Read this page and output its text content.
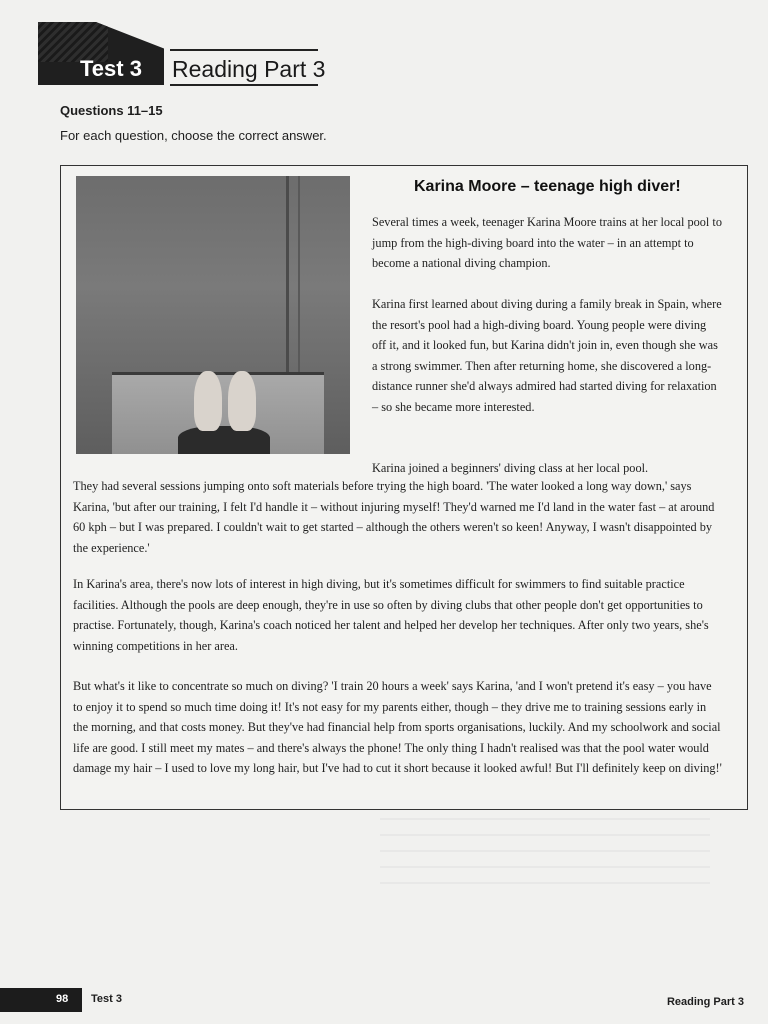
Test 3 Reading Part 3
Questions 11–15
For each question, choose the correct answer.
Karina Moore – teenage high diver!

Several times a week, teenager Karina Moore trains at her local pool to jump from the high-diving board into the water – in an attempt to become a national diving champion.

Karina first learned about diving during a family break in Spain, where the resort's pool had a high-diving board. Young people were diving off it, and it looked fun, but Karina didn't join in, even though she was a strong swimmer. Then after returning home, she discovered a long-distance runner she'd always admired had started diving for relaxation – so she became more interested.

Karina joined a beginners' diving class at her local pool.

They had several sessions jumping onto soft materials before trying the high board. 'The water looked a long way down,' says Karina, 'but after our training, I felt I'd handle it – without injuring myself! They'd warned me I'd land in the water fast – at around 60 kph – but I was prepared. I couldn't wait to get started – although the others weren't so keen! Anyway, I wasn't disappointed by the experience.'

In Karina's area, there's now lots of interest in high diving, but it's sometimes difficult for swimmers to find suitable practice facilities. Although the pools are deep enough, they're in use so often by diving clubs that other people don't get opportunities to practise. Fortunately, though, Karina's coach noticed her talent and helped her develop her techniques. After only two years, she's winning competitions in her area.

But what's it like to concentrate so much on diving? 'I train 20 hours a week' says Karina, 'and I won't pretend it's easy – you have to enjoy it to spend so much time doing it! It's not easy for my parents either, though – they drive me to training sessions early in the morning, and that costs money. But they've had financial help from sports organisations, luckily. And my schoolwork and social life are good. I still meet my mates – and there's always the phone! The only thing I hadn't realised was that the pool water would damage my hair – I used to love my long hair, but I've had to cut it short because it looked awful! But I'll definitely keep on diving!'

98 Test 3	Reading Part 3
